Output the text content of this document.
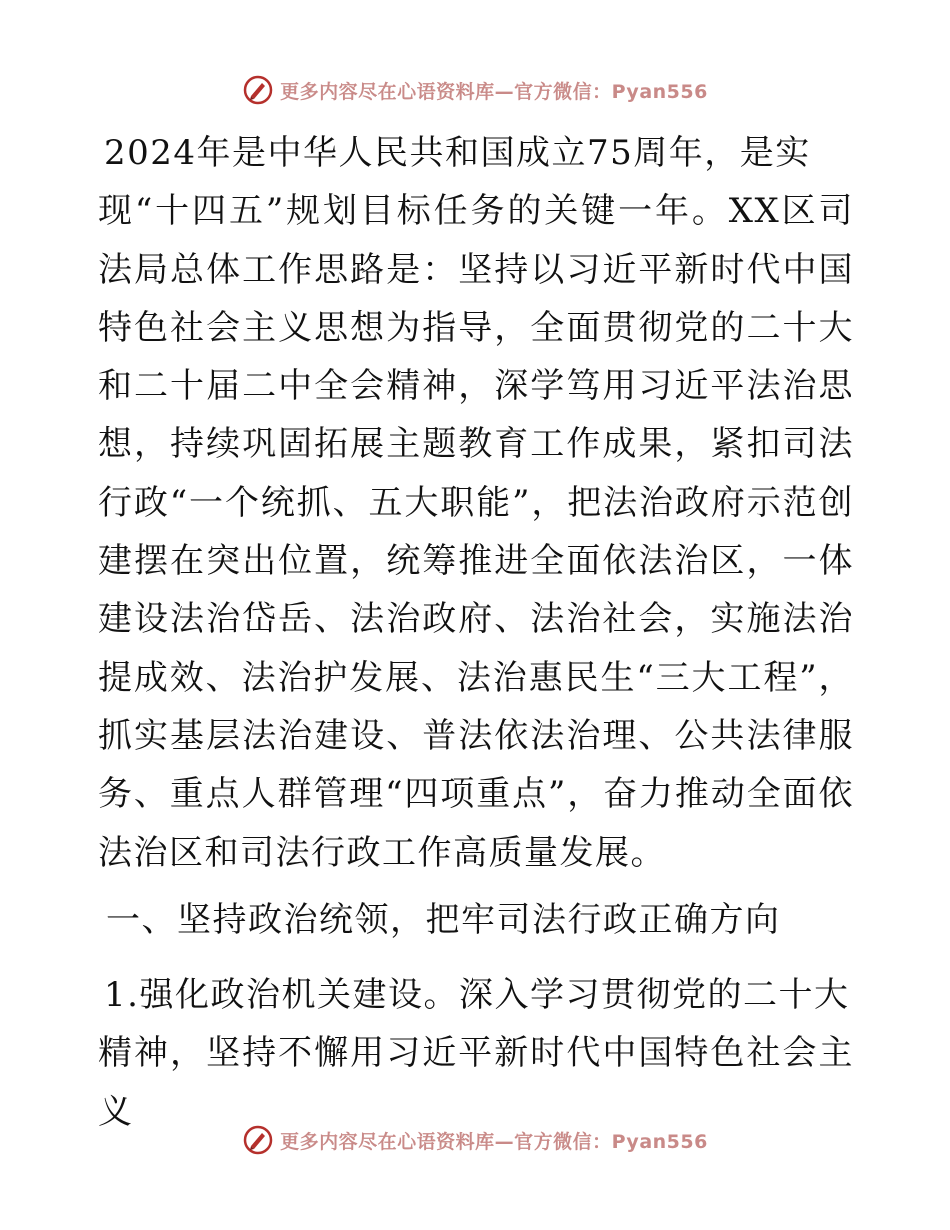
更多内容尽在心语资料库—官方微信：Pyan556

2024年是中华人民共和国成立75周年，是实
现“十四五”规划目标任务的关键一年。XX区司法局总体工作思路是：坚持以习近平新时代中国特色社会主义思想为指导，全面贯彻党的二十大和二十届二中全会精神，深学笃用习近平法治思想，持续巩固拓展主题教育工作成果，紧扣司法行政“一个统抓、五大职能”，把法治政府示范创建摆在突出位置，统筹推进全面依法治区，一体建设法治岱岳、法治政府、法治社会，实施法治提成效、法治护发展、法治惠民生“三大工程”，抓实基层法治建设、普法依法治理、公共法律服务、重点人群管理“四项重点”，奋力推动全面依法治区和司法行政工作高质量发展。

一、坚持政治统领，把牢司法行政正确方向

1.强化政治机关建设。深入学习贯彻党的二十大
精神，坚持不懈用习近平新时代中国特色社会主义

更多内容尽在心语资料库—官方微信：Pyan556
